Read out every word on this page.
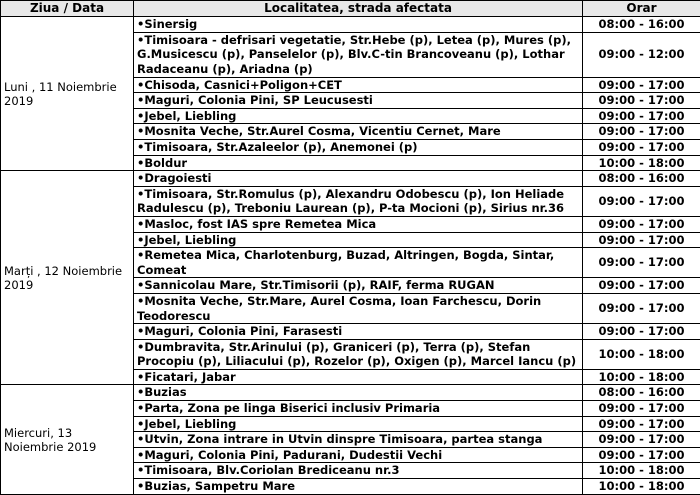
Ziua / Data	Localitatea, strada afectata	Orar
Luni , 11 Noiembrie 2019	•Sinersig	08:00 - 16:00
	•Timisoara - defrisari vegetatie, Str.Hebe (p), Letea (p), Mures (p), G.Musicescu (p), Panselelor (p), Blv.C-tin Brancoveanu (p), Lothar Radaceanu (p), Ariadna (p)	09:00 - 12:00
	•Chisoda, Casnici+Poligon+CET	09:00 - 17:00
	•Maguri, Colonia Pini, SP Leucusesti	09:00 - 17:00
	•Jebel, Liebling	09:00 - 17:00
	•Mosnita Veche, Str.Aurel Cosma, Vicentiu Cernet, Mare	09:00 - 17:00
	•Timisoara, Str.Azaleelor (p), Anemonei (p)	09:00 - 17:00
	•Boldur	10:00 - 18:00
Marți , 12 Noiembrie 2019	•Dragoiesti	08:00 - 16:00
	•Timisoara, Str.Romulus (p), Alexandru Odobescu (p), Ion Heliade Radulescu (p), Treboniu Laurean (p), P-ta Mocioni (p), Sirius nr.36	09:00 - 17:00
	•Masloc, fost IAS spre Remetea Mica	09:00 - 17:00
	•Jebel, Liebling	09:00 - 17:00
	•Remetea Mica, Charlotenburg, Buzad, Altringen, Bogda, Sintar, Comeat	09:00 - 17:00
	•Sannicolau Mare, Str.Timisorii (p), RAIF, ferma RUGAN	09:00 - 17:00
	•Mosnita Veche, Str.Mare, Aurel Cosma, Ioan Farchescu, Dorin Teodorescu	09:00 - 17:00
	•Maguri, Colonia Pini, Farasesti	09:00 - 17:00
	•Dumbravita, Str.Arinului (p), Graniceri (p), Terra (p), Stefan Procopiu (p), Liliacului (p), Rozelor (p), Oxigen (p), Marcel Iancu (p)	10:00 - 18:00
	•Ficatari, Jabar	10:00 - 18:00
Miercuri, 13 Noiembrie 2019	•Buzias	08:00 - 16:00
	•Parta, Zona pe linga Biserici inclusiv Primaria	09:00 - 17:00
	•Jebel, Liebling	09:00 - 17:00
	•Utvin, Zona intrare in Utvin dinspre Timisoara, partea stanga	09:00 - 17:00
	•Maguri, Colonia Pini, Padurani, Dudestii Vechi	09:00 - 17:00
	•Timisoara, Blv.Coriolan Brediceanu nr.3	10:00 - 18:00
	•Buzias, Sampetru Mare	10:00 - 18:00
